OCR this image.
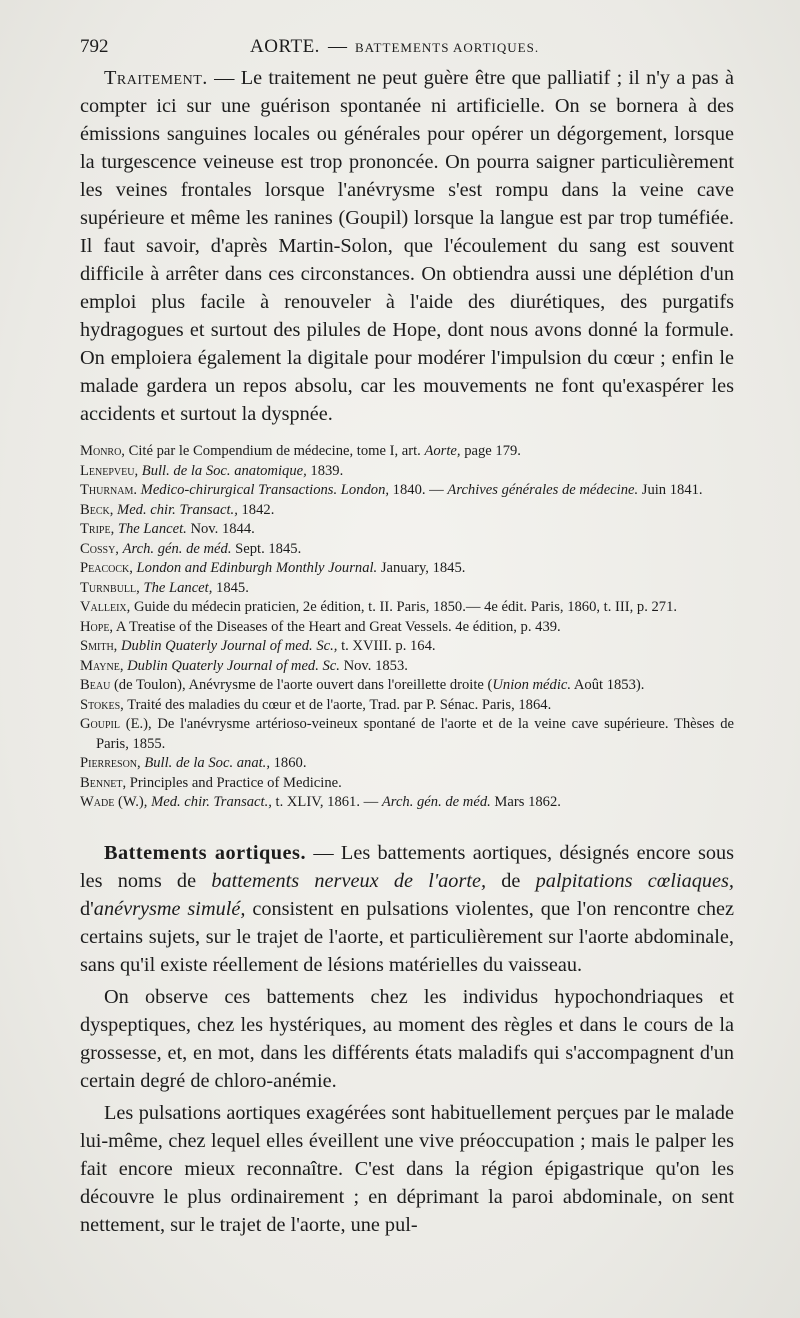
792	AORTE. — BATTEMENTS AORTIQUES.

Traitement. — Le traitement ne peut guère être que palliatif ; il n'y a pas à compter ici sur une guérison spontanée ni artificielle. On se bornera à des émissions sanguines locales ou générales pour opérer un dégorgement, lorsque la turgescence veineuse est trop prononcée. On pourra saigner particulièrement les veines frontales lorsque l'anévrysme s'est rompu dans la veine cave supérieure et même les ranines (Goupil) lorsque la langue est par trop tuméfiée. Il faut savoir, d'après Martin-Solon, que l'écoulement du sang est souvent difficile à arrêter dans ces circonstances. On obtiendra aussi une déplétion d'un emploi plus facile à renouveler à l'aide des diurétiques, des purgatifs hydragogues et surtout des pilules de Hope, dont nous avons donné la formule. On emploiera également la digitale pour modérer l'impulsion du cœur ; enfin le malade gardera un repos absolu, car les mouvements ne font qu'exaspérer les accidents et surtout la dyspnée.

Monro, Cité par le Compendium de médecine, tome I, art. Aorte, page 179.
Lenepveu, Bull. de la Soc. anatomique, 1839.
Thurnam. Medico-chirurgical Transactions. London, 1840. — Archives générales de médecine. Juin 1841.
Beck, Med. chir. Transact., 1842.
Tripe, The Lancet. Nov. 1844.
Cossy, Arch. gén. de méd. Sept. 1845.
Peacock, London and Edinburgh Monthly Journal. January, 1845.
Turnbull, The Lancet, 1845.
Valleix, Guide du médecin praticien, 2e édition, t. II. Paris, 1850.— 4e édit. Paris, 1860, t. III, p. 271.
Hope, A Treatise of the Diseases of the Heart and Great Vessels. 4e édition, p. 439.
Smith, Dublin Quaterly Journal of med. Sc., t. XVIII. p. 164.
Mayne, Dublin Quaterly Journal of med. Sc. Nov. 1853.
Beau (de Toulon), Anévrysme de l'aorte ouvert dans l'oreillette droite (Union médic. Août 1853).
Stokes, Traité des maladies du cœur et de l'aorte, Trad. par P. Sénac. Paris, 1864.
Goupil (E.), De l'anévrysme artérioso-veineux spontané de l'aorte et de la veine cave supérieure. Thèses de Paris, 1855.
Pierreson, Bull. de la Soc. anat., 1860.
Bennet, Principles and Practice of Medicine.
Wade (W.), Med. chir. Transact., t. XLIV, 1861. — Arch. gén. de méd. Mars 1862.

Battements aortiques. — Les battements aortiques, désignés encore sous les noms de battements nerveux de l'aorte, de palpitations cœliaques, d'anévrysme simulé, consistent en pulsations violentes, que l'on rencontre chez certains sujets, sur le trajet de l'aorte, et particulièrement sur l'aorte abdominale, sans qu'il existe réellement de lésions matérielles du vaisseau.

On observe ces battements chez les individus hypochondriaques et dyspeptiques, chez les hystériques, au moment des règles et dans le cours de la grossesse, et, en mot, dans les différents états maladifs qui s'accompagnent d'un certain degré de chloro-anémie.

Les pulsations aortiques exagérées sont habituellement perçues par le malade lui-même, chez lequel elles éveillent une vive préoccupation ; mais le palper les fait encore mieux reconnaître. C'est dans la région épigastrique qu'on les découvre le plus ordinairement ; en déprimant la paroi abdominale, on sent nettement, sur le trajet de l'aorte, une pul-
